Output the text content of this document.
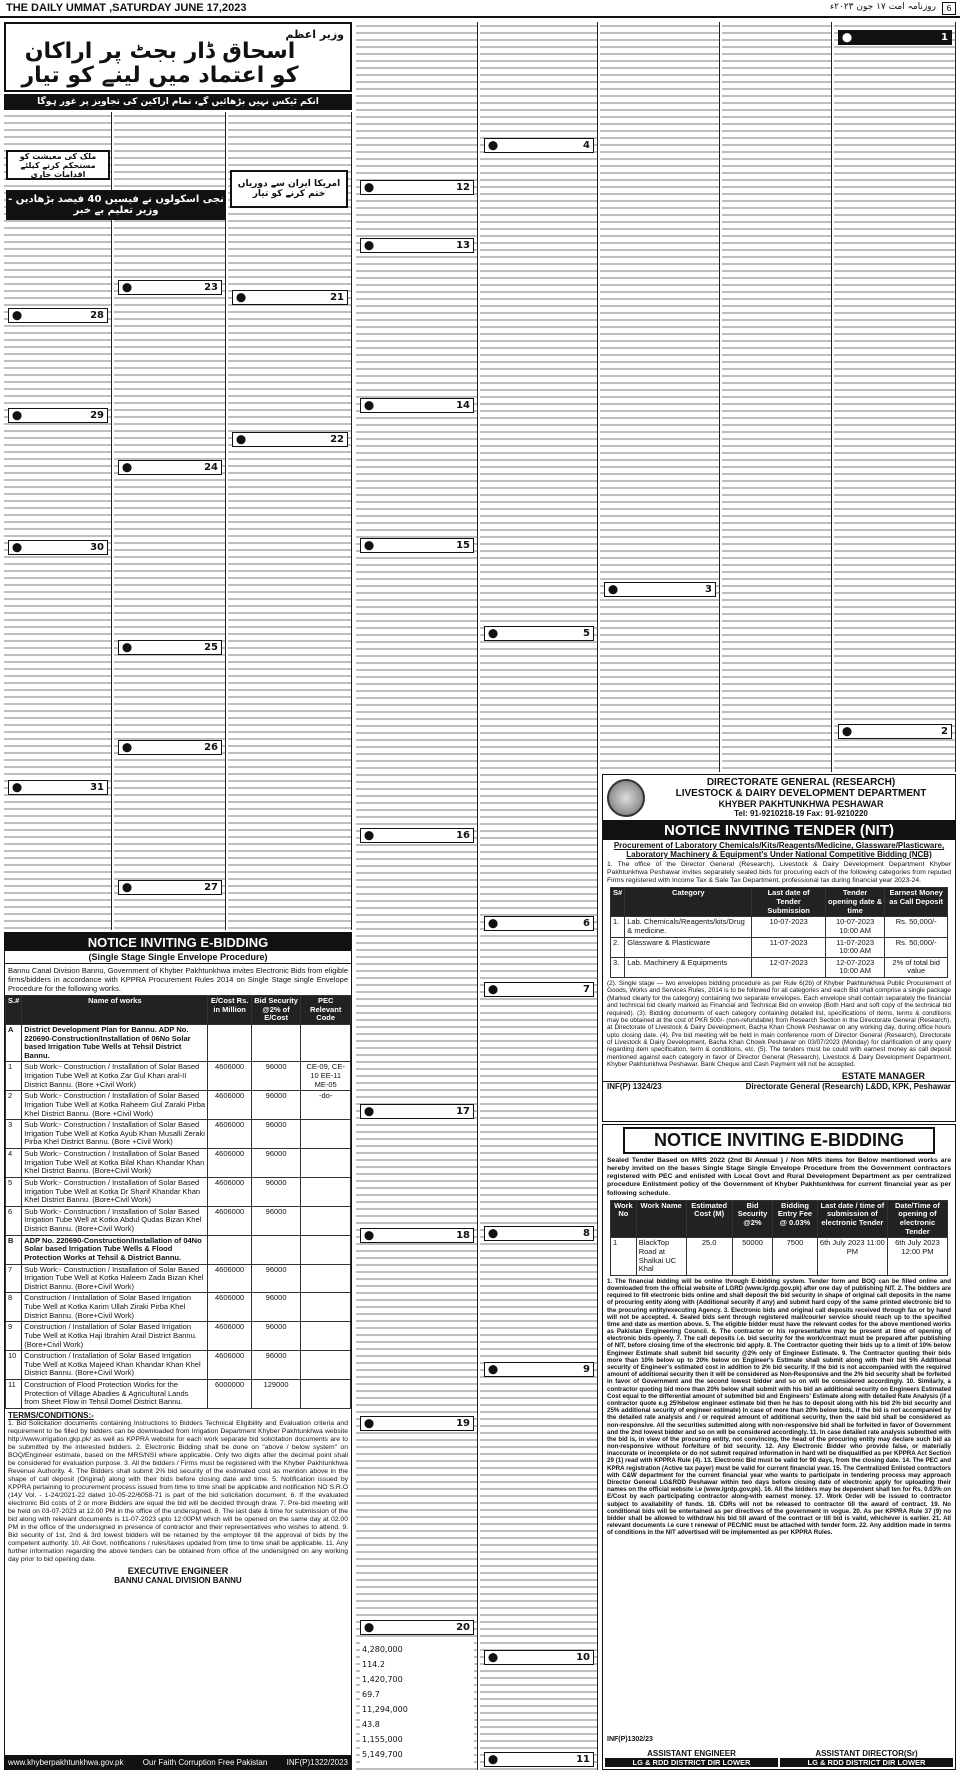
THE DAILY UMMAT ,SATURDAY JUNE 17,2023	روزنامہ امت ۱۷ جون ۲۰۲۳ء	6
وزیر اعظم
اسحاق ڈار بجٹ پر اراکان کو اعتماد میں لینے کو تیار
انکم ٹیکس نہیں بڑھائیں گے، تمام اراکین کی تجاویز پر غور ہوگا
ملک کی معیشت کو مستحکم کرنے کیلئے اقدامات جاری
نجی اسکولوں نے فیسیں 40 فیصد بڑھادیں - وزیر تعلیم بے خبر
امریکا ایران سے دوریاں ختم کرنے کو تیار
28
⬤
29
⬤
30
⬤
31
⬤
23
⬤
24
⬤
25
⬤
26
⬤
27
⬤
21
⬤
22
⬤
NOTICE INVITING E-BIDDING
(Single Stage Single Envelope Procedure)
Bannu Canal Division Bannu, Government of Khyber Pakhtunkhwa invites Electronic Bids from eligible firms/bidders in accordance with KPPRA Procurement Rules 2014 on Single Stage single Envelope Procedure for the following works.
S.#	Name of works	E/Cost Rs. in Million	Bid Security @2% of E/Cost	PEC Relevant Code
A	District Development Plan for Bannu. ADP No. 220690-Construction/Installation of 06No Solar based Irrigation Tube Wells at Tehsil District Bannu.			
1	Sub Work:- Construction / Installation of Solar Based Irrigation Tube Well at Kotka Zar Gul Khan aral-II District Bannu. (Bore +Civil Work)	4606000	96000	CE-09, CE-10 EE-11 ME-05
2	Sub Work:- Construction / Installation of Solar Based Irrigation Tube Well at Kotka Raheem Gul Zaraki Pirba Khel District Bannu. (Bore +Civil Work)	4606000	96000	-do-
3	Sub Work:- Construction / Installation of Solar Based Irrigation Tube Well at Kotka Ayub Khan Musalli Zeraki Pirba Khel District Bannu. (Bore +Civil Work)	4606000	96000	
4	Sub Work:- Construction / Installation of Solar Based Irrigation Tube Well at Kotka Bilal Khan Khandar Khan Khel District Bannu. (Bore+Civil Work)	4606000	96000	
5	Sub Work:- Construction / Installation of Solar Based Irrigation Tube Well at Kotka Dr Sharif Khandar Khan Khel District Bannu. (Bore+Civil Work)	4606000	96000	
6	Sub Work:- Construction / Installation of Solar Based Irrigation Tube Well at Kotka Abdul Qudas Bizan Khel District Bannu. (Bore+Civil Work)	4606000	96000	
B	ADP No. 220690-Construction/Installation of 04No Solar based Irrigation Tube Wells & Flood Protection Works at Tehsil & District Bannu.			
7	Sub Work:- Construction / Installation of Solar Based Irrigation Tube Well at Kotka Haleem Zada Bizan Khel District Bannu. (Bore+Civil Work)	4606000	96000	
8	Construction / Installation of Solar Based Irrigation Tube Well at Kotka Karim Ullah Ziraki Pirba Khel District Bannu. (Bore+Civil Work)	4606000	96000	
9	Construction / Installation of Solar Based Irrigation Tube Well at Kotka Haji Ibrahim Arail District Bannu. (Bore+Civil Work)	4606000	96000	
10	Construction / Installation of Solar Based Irrigation Tube Well at Kotka Majeed Khan Khandar Khan Khel District Bannu. (Bore+Civil Work)	4606000	96000	
11	Construction of Flood Protection Works for the Protection of Village Abadies & Agricultural Lands from Sheet Flow in Tehsil Domel District Bannu.	6000000	129000	
TERMS/CONDITIONS:-
1. Bid Solicitation documents containing Instructions to Bidders Technical Eligibility and Evaluation criteria and requirement to be filled by bidders can be downloaded from Irrigation Department Khyber Pakhtunkhwa website http://www.irrigation.gkp.pk/ as well as KPPRA website for each work separate bid solicitation documents are to be submitted by the interested bidders. 2. Electronic Bidding shall be done on "above / below system" on BOQ/Engineer estimate, based on the MRS/NSI where applicable. Only two digits after the decimal point shall be considered for evaluation purpose. 3. All the bidders / Firms must be registered with the Khyber Pakhtunkhwa Revenue Authority. 4. The Bidders shall submit 2% bid security of the estimated cost as mention above in the shape of call deposit (Original) along with their bids before closing date and time. 5. Notification issued by KPPRA pertaining to procurement process issued from time to time shall be applicable and notification NO S.R.O (14)/ Vol. - 1-24/2021-22 dated 10-05-22/6058-71 is part of the bid solicitation document. 6. If the evaluated electronic Bid costs of 2 or more Bidders are equal the bid will be decided through draw. 7. Pre-bid meeting will be held on 03-07-2023 at 12.00 PM in the office of the undersigned. 8. The last date & time for submission of the bid along with relevant documents is 11-07-2023 upto 12:00PM which will be opened on the same day at 02.00 PM in the office of the undersigned in presence of contractor and their representatives who wishes to attend. 9. Bid security of 1st, 2nd & 3rd lowest bidders will be retained by the employer till the approval of bids by the competent authority. 10. All Govt. notifications / rules/taxes updated from time to time shall be applicable. 11. Any further information regarding the above tenders can be obtained from office of the undersigned on any working day prior to bid opening date.
EXECUTIVE ENGINEER
BANNU CANAL DIVISION BANNU
www.khyberpakhtunkhwa.gov.pk Our Faith Corruption Free Pakistan INF(P)1322/2023
12
⬤
13
⬤
14
⬤
15
⬤
16
⬤
17
⬤
18
⬤
19
⬤
20
⬤
4
⬤
5
⬤
6
⬤
7
⬤
8
⬤
9
⬤
10
⬤
11
⬤
3
⬤
1
⬤
2
⬤
4,280,000
114.2
1,420,700
69.7
11,294,000
43.8
1,155,000
5,149,700
DIRECTORATE GENERAL (RESEARCH)
LIVESTOCK & DAIRY DEVELOPMENT DEPARTMENT
KHYBER PAKHTUNKHWA PESHAWAR
Tel: 91-9210218-19 Fax: 91-9210220
NOTICE INVITING TENDER (NIT)
Procurement of Laboratory Chemicals/Kits/Reagents/Medicine, Glassware/Plasticware, Laboratory Machinery & Equipment's Under National Competitive Bidding (NCB)
1. The office of the Director General (Research), Livestock & Dairy Development Department Khyber Pakhtunkhwa Peshawar invites separately sealed bids for procuring each of the following categories from reputed Firms registered with Income Tax & Sale Tax Department, professional tax during financial year 2023-24.
S#	Category	Last date of Tender Submission	Tender opening date & time	Earnest Money as Call Deposit
1.	Lab. Chemicals/Reagents/kits/Drug & medicine.	10-07-2023	10-07-2023 10:00 AM	Rs. 50,000/-
2.	Glassware & Plasticware	11-07-2023	11-07-2023 10:00 AM	Rs. 50,000/-
3.	Lab. Machinery & Equipments	12-07-2023	12-07-2023 10:00 AM	2% of total bid value
(2). Single stage — two envelopes bidding procedure as per Rule 6(2b) of Khyber Pakhtunkhwa Public Procurement of Goods, Works and Services Rules, 2014 is to be followed for all categories and each Bid shall comprise a single package (Marked clearly for the category) containing two separate envelopes. Each envelope shall contain separately the financial and technical bid clearly marked as Financial and Technical Bid on envelop (Both Hard and soft copy of the technical bid required). (3). Bidding documents of each category containing detailed list, specifications of items, terms & conditions may be obtained at the cost of PKR 500/- (non-refundable) from Research Section in the Directorate General (Research), at Directorate of Livestock & Dairy Development, Bacha Khan Chowk Peshawar on any working day, during office hours upto closing date. (4). Pre bid meeting will be held in main conference room of Director General (Research), Directorate of Livestock & Dairy Development, Bacha Khan Chowk Peshawar on 03/07/2023 (Monday) for clarification of any query regarding item specification, term & conditions, etc. (5). The tenders must be could with earnest money as call deposit mentioned against each category in favor of Director General (Research), Livestock & Dairy Development Department, Khyber Pakhtunkhwa Peshawar. Bank Cheque and Cash Payment will not be accepted.
ESTATE MANAGER
INF(P) 1324/23	Directorate General (Research) L&DD, KPK, Peshawar
NOTICE INVITING E-BIDDING
Sealed Tender Based on MRS 2022 (2nd Bi Annual ) / Non MRS items for Below mentioned works are hereby invited on the bases Single Stage Single Envelope Procedure from the Government contractors registered with PEC and enlisted with Local Govt and Rural Development Department as per centralized procedure Enlistment policy of the Government of Khyber Pakhtunkhwa for current financial year as per following schedule.
Work No	Work Name	Estimated Cost (M)	Bid Security @2%	Bidding Entry Fee @ 0.03%	Last date / time of submission of electronic Tender	Date/Time of opening of electronic Tender
1	BlackTop Road at Shalkai UC Khal	25.0	50000	7500	6th July 2023 11:00 PM	6th July 2023 12:00 PM
1. The financial bidding will be online through E-bidding system. Tender form and BOQ can be filled online and downloaded from the official website of LGRD (www.lgrdp.gov.pk) after one day of publishing NIT. 2. The bidders are required to fill electronic bids online and shall deposit the bid security in shape of original call deposits in the name of procuring entity along with (Additional security if any) and submit hard copy of the same printed electronic bid to the procuring entity/executing Agency. 3. Electronic bids and original call deposits received through fax or by hand will not be accepted. 4. Sealed bids sent through registered mail/courier service should reach up to the specified time and date as mention above. 5. The eligible bidder must have the relevant codes for the above mentioned works as Pakistan Engineering Council. 6. The contractor or his representative may be present at time of opening of electronic bids openly. 7. The call deposits i.e. bid security for the work/contract must be prepared after publishing of NIT, before closing time of the electronic bid apply. 8. The Contractor quoting their bids up to a limit of 10% below Engineer Estimate shall submit bid security @2% only of Engineer Estimate. 9. The Contractor quoting their bids more than 10% below up to 20% below on Engineer's Estimate shall submit along with their bid 5% Additional security of Engineer's estimated cost in addition to 2% bid security. If the bid is not accompanied with the required amount of additional security then it will be considered as Non-Responsive and the 2% bid security shall be forfeited in favor of Government and the second lowest bidder and so on will be considered accordingly. 10. Similarly, a contractor quoting bid more than 20% below shall submit with his bid an additional security on Engineers Estimated Cost equal to the differential amount of submitted bid and Engineers' Estimate along with detailed Rate Analysis (if a contractor quote e.g 25%below engineer estimate bid then he has to deposit along with his bid 2% bid security and 25% additional security of engineer estimate) In case of more than 20% below bids, if the bid is not accompanied by the detailed rate analysis and / or required amount of additional security, then the said bid shall be considered as non-responsive. All the securities submitted along with non-responsive bid shall be forfeited in favor of Government and the 2nd lowest bidder and so on will be considered accordingly. 11. In case detailed rate analysis submitted with the bid is, in view of the procuring entity, not convincing, the head of the procuring entity may declare such bid as non-responsive without forfeiture of bid security. 12. Any Electronic Bidder who provide false, or materially inaccurate or incomplete or do not submit required information in hard will be disqualified as per KPPRA Act Section 29 (1) read with KPPRA Rule (4). 13. Electronic Bid must be valid for 90 days, from the closing date. 14. The PEC and KPRA registration (Active tax payer) must be valid for current financial year. 15. The Centralized Enlisted contractors with C&W department for the current financial year who wants to participate in tendering process may approach Director General LG&RDD Peshawar within two days before closing date of electronic apply for uploading their names on the official website i.e (www.lgrdp.gov.pk). 16. All the bidders may be dependent shall ten for Rs. 0.03% on E/Cost by each participating contractor along-with earnest money. 17. Work Order will be issued to contractor subject to availability of funds. 18. CDRs will not be released to contractor till the award of contract. 19. No conditional bids will be entertained as per directives of the government in vogue. 20. As per KPPRA Rule 37 (9) no bidder shall be allowed to withdraw his bid till award of the contract or till bid is valid, whichever is earlier. 21. All relevant documents i.e cure t renewal of PEC/NIC must be attached with tender form. 22. Any addition made in terms of conditions in the NIT advertised will be implemented as per KPPRA Rules.
ASSISTANT ENGINEER
LG & RDD DISTRICT DIR LOWER
ASSISTANT DIRECTOR(Sr)
LG & RDD DISTRICT DIR LOWER
INF(P)1302/23
